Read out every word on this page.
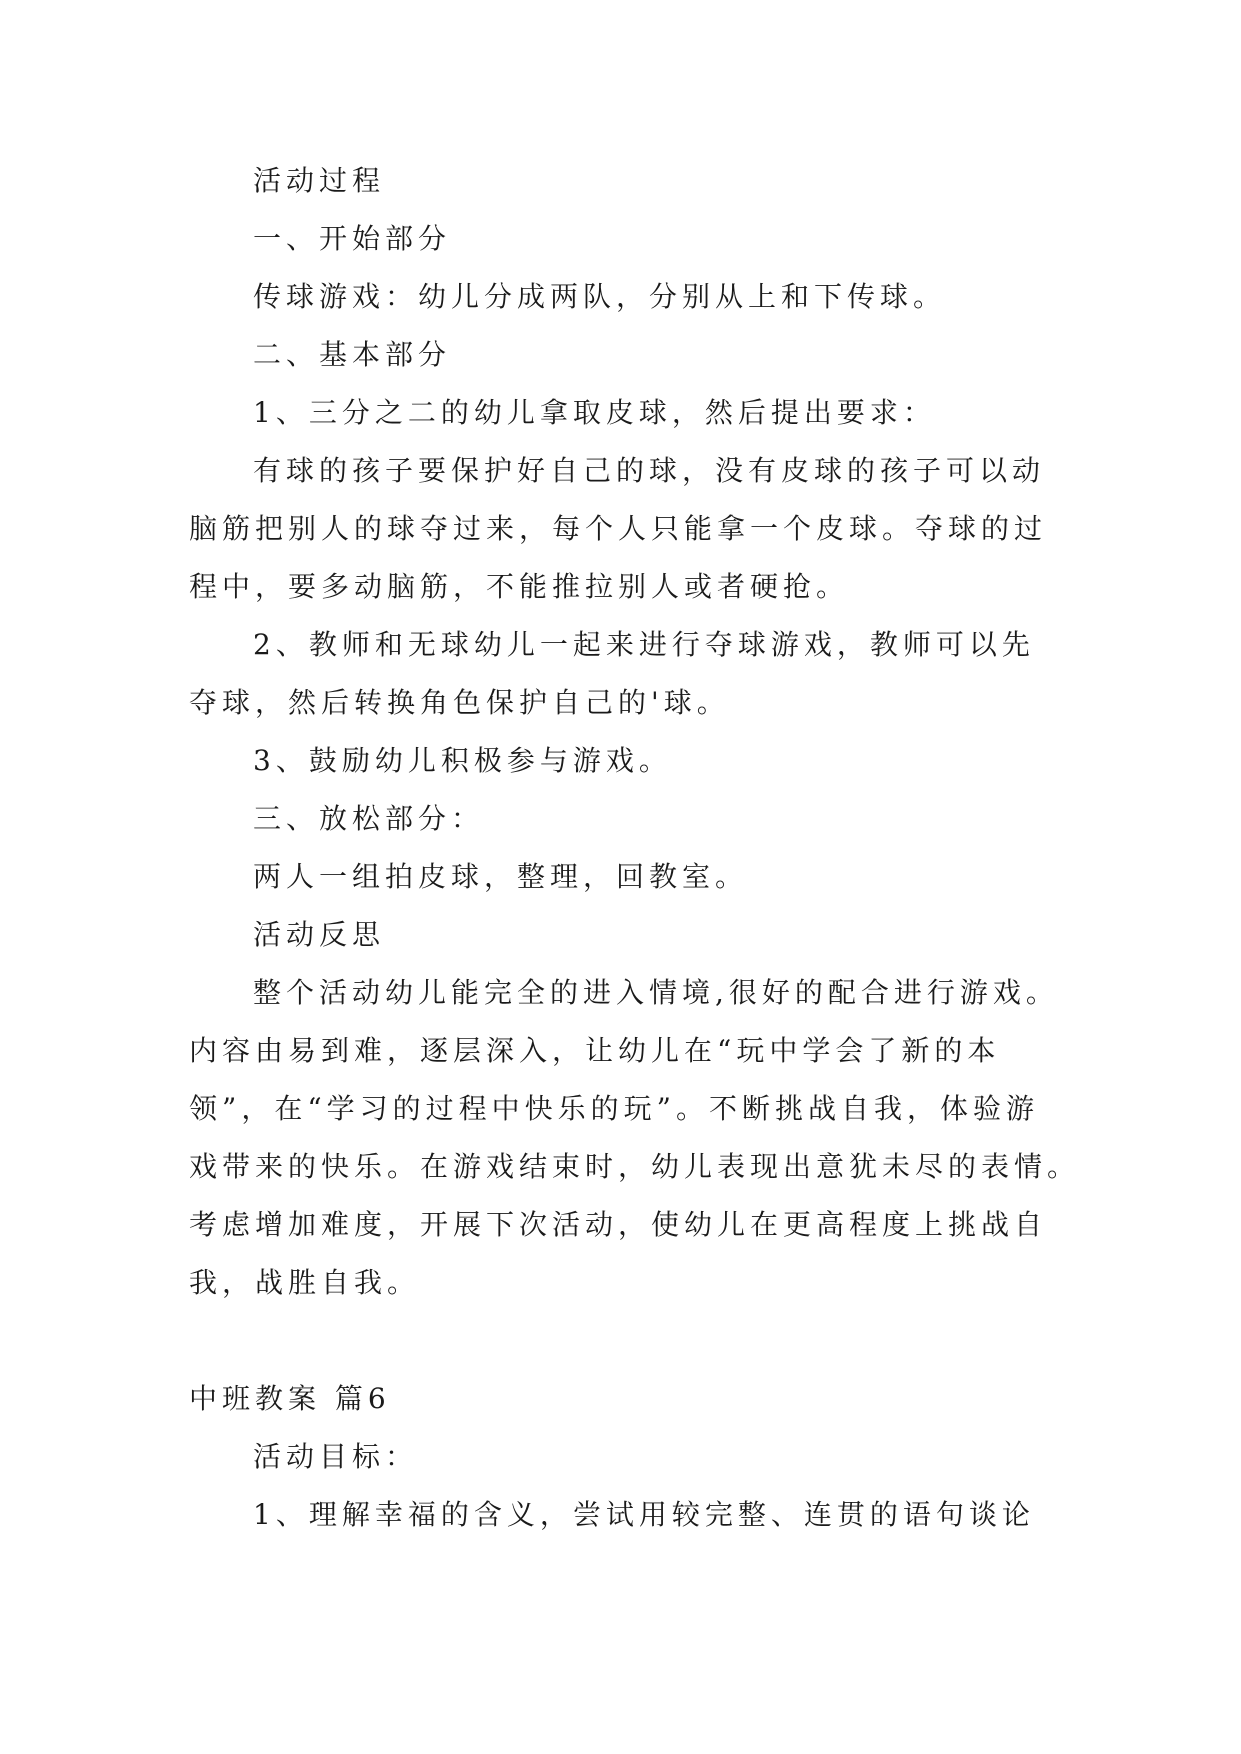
活动过程

一、开始部分

传球游戏：幼儿分成两队，分别从上和下传球。

二、基本部分

1、三分之二的幼儿拿取皮球，然后提出要求：

有球的孩子要保护好自己的球，没有皮球的孩子可以动
脑筋把别人的球夺过来，每个人只能拿一个皮球。夺球的过
程中，要多动脑筋，不能推拉别人或者硬抢。

2、教师和无球幼儿一起来进行夺球游戏，教师可以先
夺球，然后转换角色保护自己的'球。

3、鼓励幼儿积极参与游戏。

三、放松部分：

两人一组拍皮球，整理，回教室。

活动反思

整个活动幼儿能完全的进入情境,很好的配合进行游戏。
内容由易到难，逐层深入，让幼儿在“玩中学会了新的本
领”，在“学习的过程中快乐的玩”。不断挑战自我，体验游
戏带来的快乐。在游戏结束时，幼儿表现出意犹未尽的表情。
考虑增加难度，开展下次活动，使幼儿在更高程度上挑战自
我，战胜自我。

中班教案 篇6

活动目标：

1、理解幸福的含义，尝试用较完整、连贯的语句谈论
